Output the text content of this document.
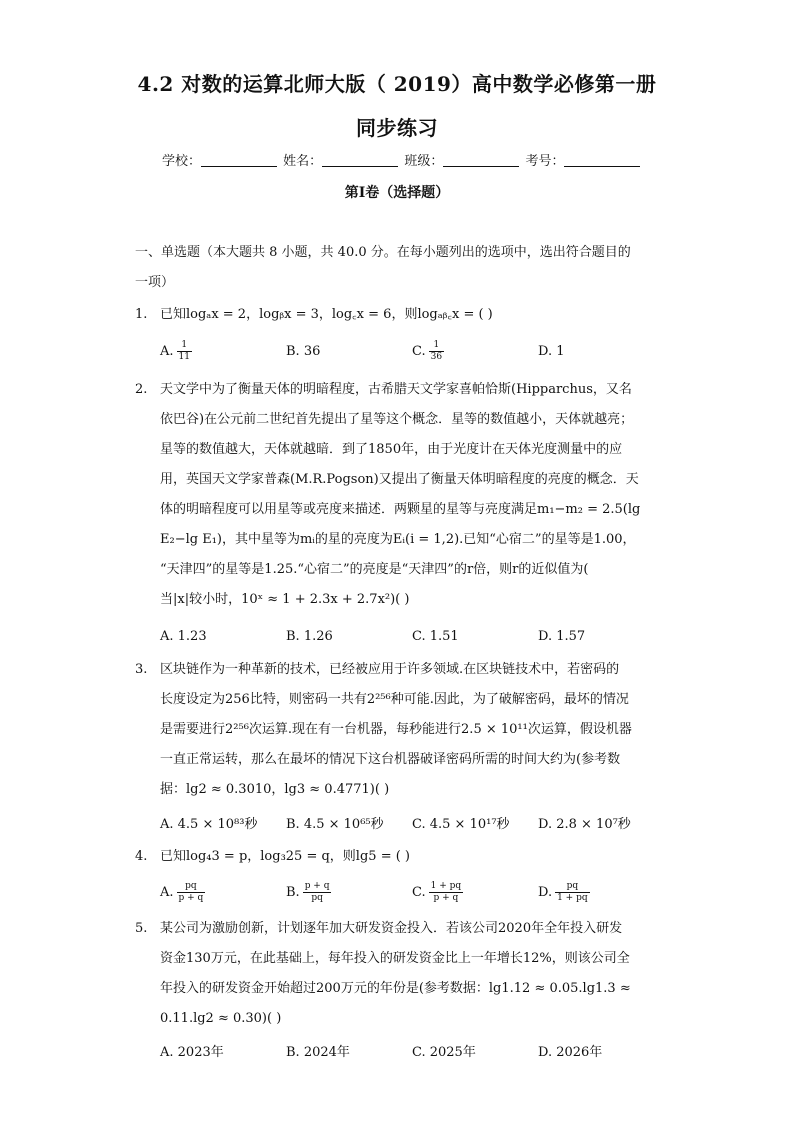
4.2 对数的运算北师大版（ 2019）高中数学必修第一册
同步练习
学校：	姓名：	班级：	考号：
第I卷（选择题）
一、单选题（本大题共 8 小题，共 40.0 分。在每小题列出的选项中，选出符合题目的
一项）
1. 已知logₐx = 2，logᵦx = 3，log꜀x = 6，则logₐᵦ꜀x = ( )
A. $\frac{1}{11}$	B. 36	C. $\frac{1}{36}$	D. 1
2. 天文学中为了衡量天体的明暗程度，古希腊天文学家喜帕恰斯(Hipparchus，又名
依巴谷)在公元前二世纪首先提出了星等这个概念．星等的数值越小，天体就越亮；
星等的数值越大，天体就越暗．到了1850年，由于光度计在天体光度测量中的应
用，英国天文学家普森(M.R.Pogson)又提出了衡量天体明暗程度的亮度的概念．天
体的明暗程度可以用星等或亮度来描述．两颗星的星等与亮度满足m₁−m₂ = 2.5(lg
E₂−lg E₁)，其中星等为mᵢ的星的亮度为Eᵢ(i = 1,2).已知“心宿二”的星等是1.00，
“天津四”的星等是1.25.“心宿二”的亮度是“天津四”的r倍，则r的近似值为(
当|x|较小时，10ˣ ≈ 1 + 2.3x + 2.7x²)( )
A. 1.23	B. 1.26	C. 1.51	D. 1.57
3. 区块链作为一种革新的技术，已经被应用于许多领域.在区块链技术中，若密码的
长度设定为256比特，则密码一共有2²⁵⁶种可能.因此，为了破解密码，最坏的情况
是需要进行2²⁵⁶次运算.现在有一台机器，每秒能进行2.5 × 10¹¹次运算，假设机器
一直正常运转，那么在最坏的情况下这台机器破译密码所需的时间大约为(参考数
据：lg2 ≈ 0.3010，lg3 ≈ 0.4771)( )
A. 4.5 × 10⁸³秒 B. 4.5 × 10⁶⁵秒 C. 4.5 × 10¹⁷秒 D. 2.8 × 10⁷秒
4. 已知log₄3 = p，log₃25 = q，则lg5 = ( )
A. $\frac{pq}{p + q}$	B. $\frac{p + q}{pq}$	C. $\frac{1 + pq}{p + q}$	D. $\frac{pq}{1 + pq}$
5. 某公司为激励创新，计划逐年加大研发资金投入．若该公司2020年全年投入研发
资金130万元，在此基础上，每年投入的研发资金比上一年增长12%，则该公司全
年投入的研发资金开始超过200万元的年份是(参考数据：lg1.12 ≈ 0.05.lg1.3 ≈
0.11.lg2 ≈ 0.30)( )
A. 2023年	B. 2024年	C. 2025年	D. 2026年
